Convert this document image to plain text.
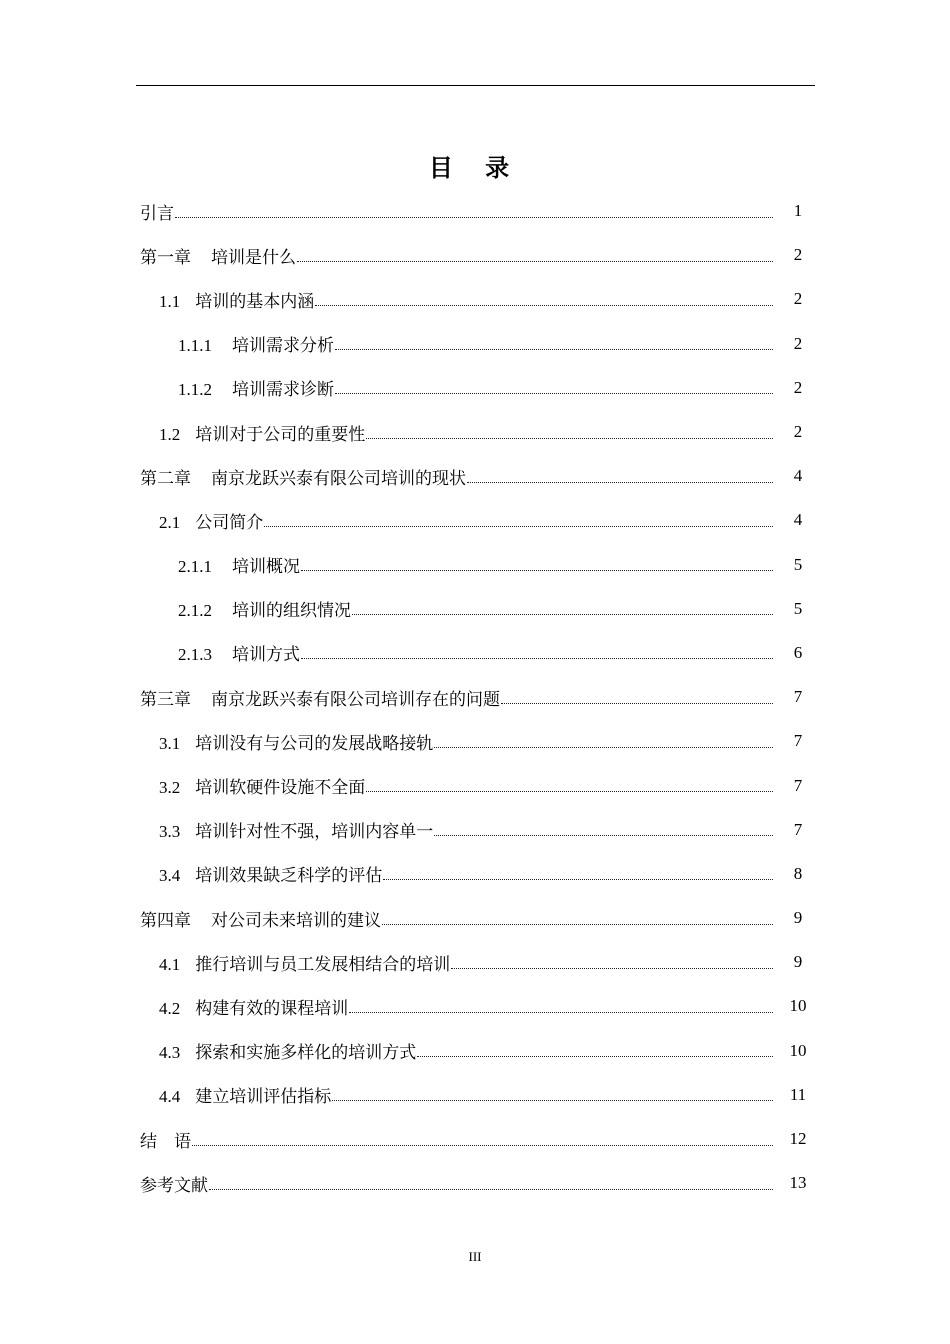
目 录
引言	1
第一章 培训是什么	2
1.1 培训的基本内涵	2
1.1.1 培训需求分析	2
1.1.2 培训需求诊断	2
1.2 培训对于公司的重要性	2
第二章 南京龙跃兴泰有限公司培训的现状	4
2.1 公司简介	4
2.1.1 培训概况	5
2.1.2 培训的组织情况	5
2.1.3 培训方式	6
第三章 南京龙跃兴泰有限公司培训存在的问题	7
3.1 培训没有与公司的发展战略接轨	7
3.2 培训软硬件设施不全面	7
3.3 培训针对性不强，培训内容单一	7
3.4 培训效果缺乏科学的评估	8
第四章 对公司未来培训的建议	9
4.1 推行培训与员工发展相结合的培训	9
4.2 构建有效的课程培训	10
4.3 探索和实施多样化的培训方式	10
4.4 建立培训评估指标	11
结　语	12
参考文献	13
III
